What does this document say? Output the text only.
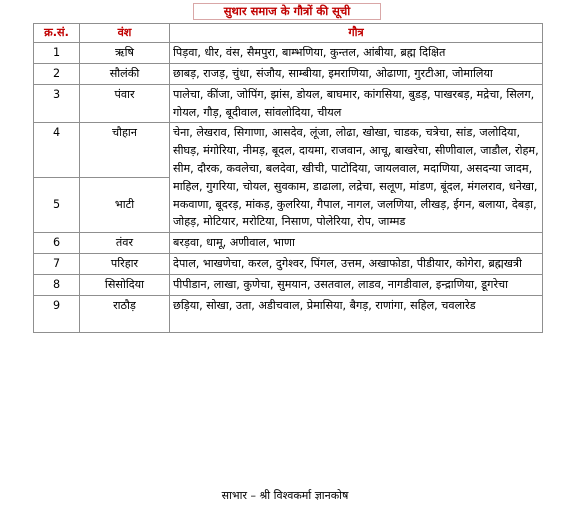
सुथार समाज के गौत्रों की सूची
क्र.सं.	वंश	गौत्र
1	ऋषि	पिड़वा, धीर, वंस, सैमपुरा, बाम्भणिया, कुन्तल, आंबीया, ब्रह्म दिक्षित
2	सौलंकी	छाबड़, राजड़, चुंधा, संजौय, साम्बीया, इमराणिया, ओढाणा, गुरटीआ, जोमालिया
3	पंवार	पालेचा, कींजा, जोपिंग, झांस, डोयल, बाघमार, कांगसिया, बुडड़, पाखरबड़, मद्रेचा, सिलग, गोयल, गौड़, बूदीवाल, सांवलोदिया, चीयल
4	चौहान	चेना, लेखराव, सिगाणा, आसदेव, लूंजा, लोढा, खोखा, चाडक, चत्रेचा, सांड, जलोदिया, सीघड़, मंगोरिया, नीमड़, बूदल, दायमा, राजवान, आचू, बाखरेचा, सीणीवाल, जाडौल, रोहम, सीम, दौरक, कवलेचा, बलदेवा, खीची, पाटोदिया, जायलवाल, मदाणिया, असदन्या जादम, माहिल, गुगरिया, चोयल, सुवकाम, डाढाला, लद्रेचा, सलूण, मांडण, बूंदल, मंगलराव, धनेखा, मकवाणा, बूदरड़, मांकड़, कुलरिया, गैपाल, नागल, जलणिया, लीखड़, ईगन, बलाया, देबड़ा, जोहड़, मोटियार, मरोटिया, निसाण, पोलेरिया, रोप, जाम्मड
5	भाटी	
6	तंवर	बरड़वा, धामू, अणीवाल, भाणा
7	परिहार	देपाल, भाखणेचा, करल, दुगेश्वर, पिंगल, उत्तम, अखाफोडा, पीडीयार, कोगेरा, ब्रह्मखत्री
8	सिसोदिया	पीपीडान, लाखा, कुणेचा, सुमयान, उसतवाल, लाडव, नागडीवाल, इन्द्राणिया, डूगरेचा
9	राठौड़	छड़िया, सोखा, उता, अडीचवाल, प्रेमासिया, बैगड़, राणांगा, सहिल, चवलारेड
साभार – श्री विश्वकर्मा ज्ञानकोष
